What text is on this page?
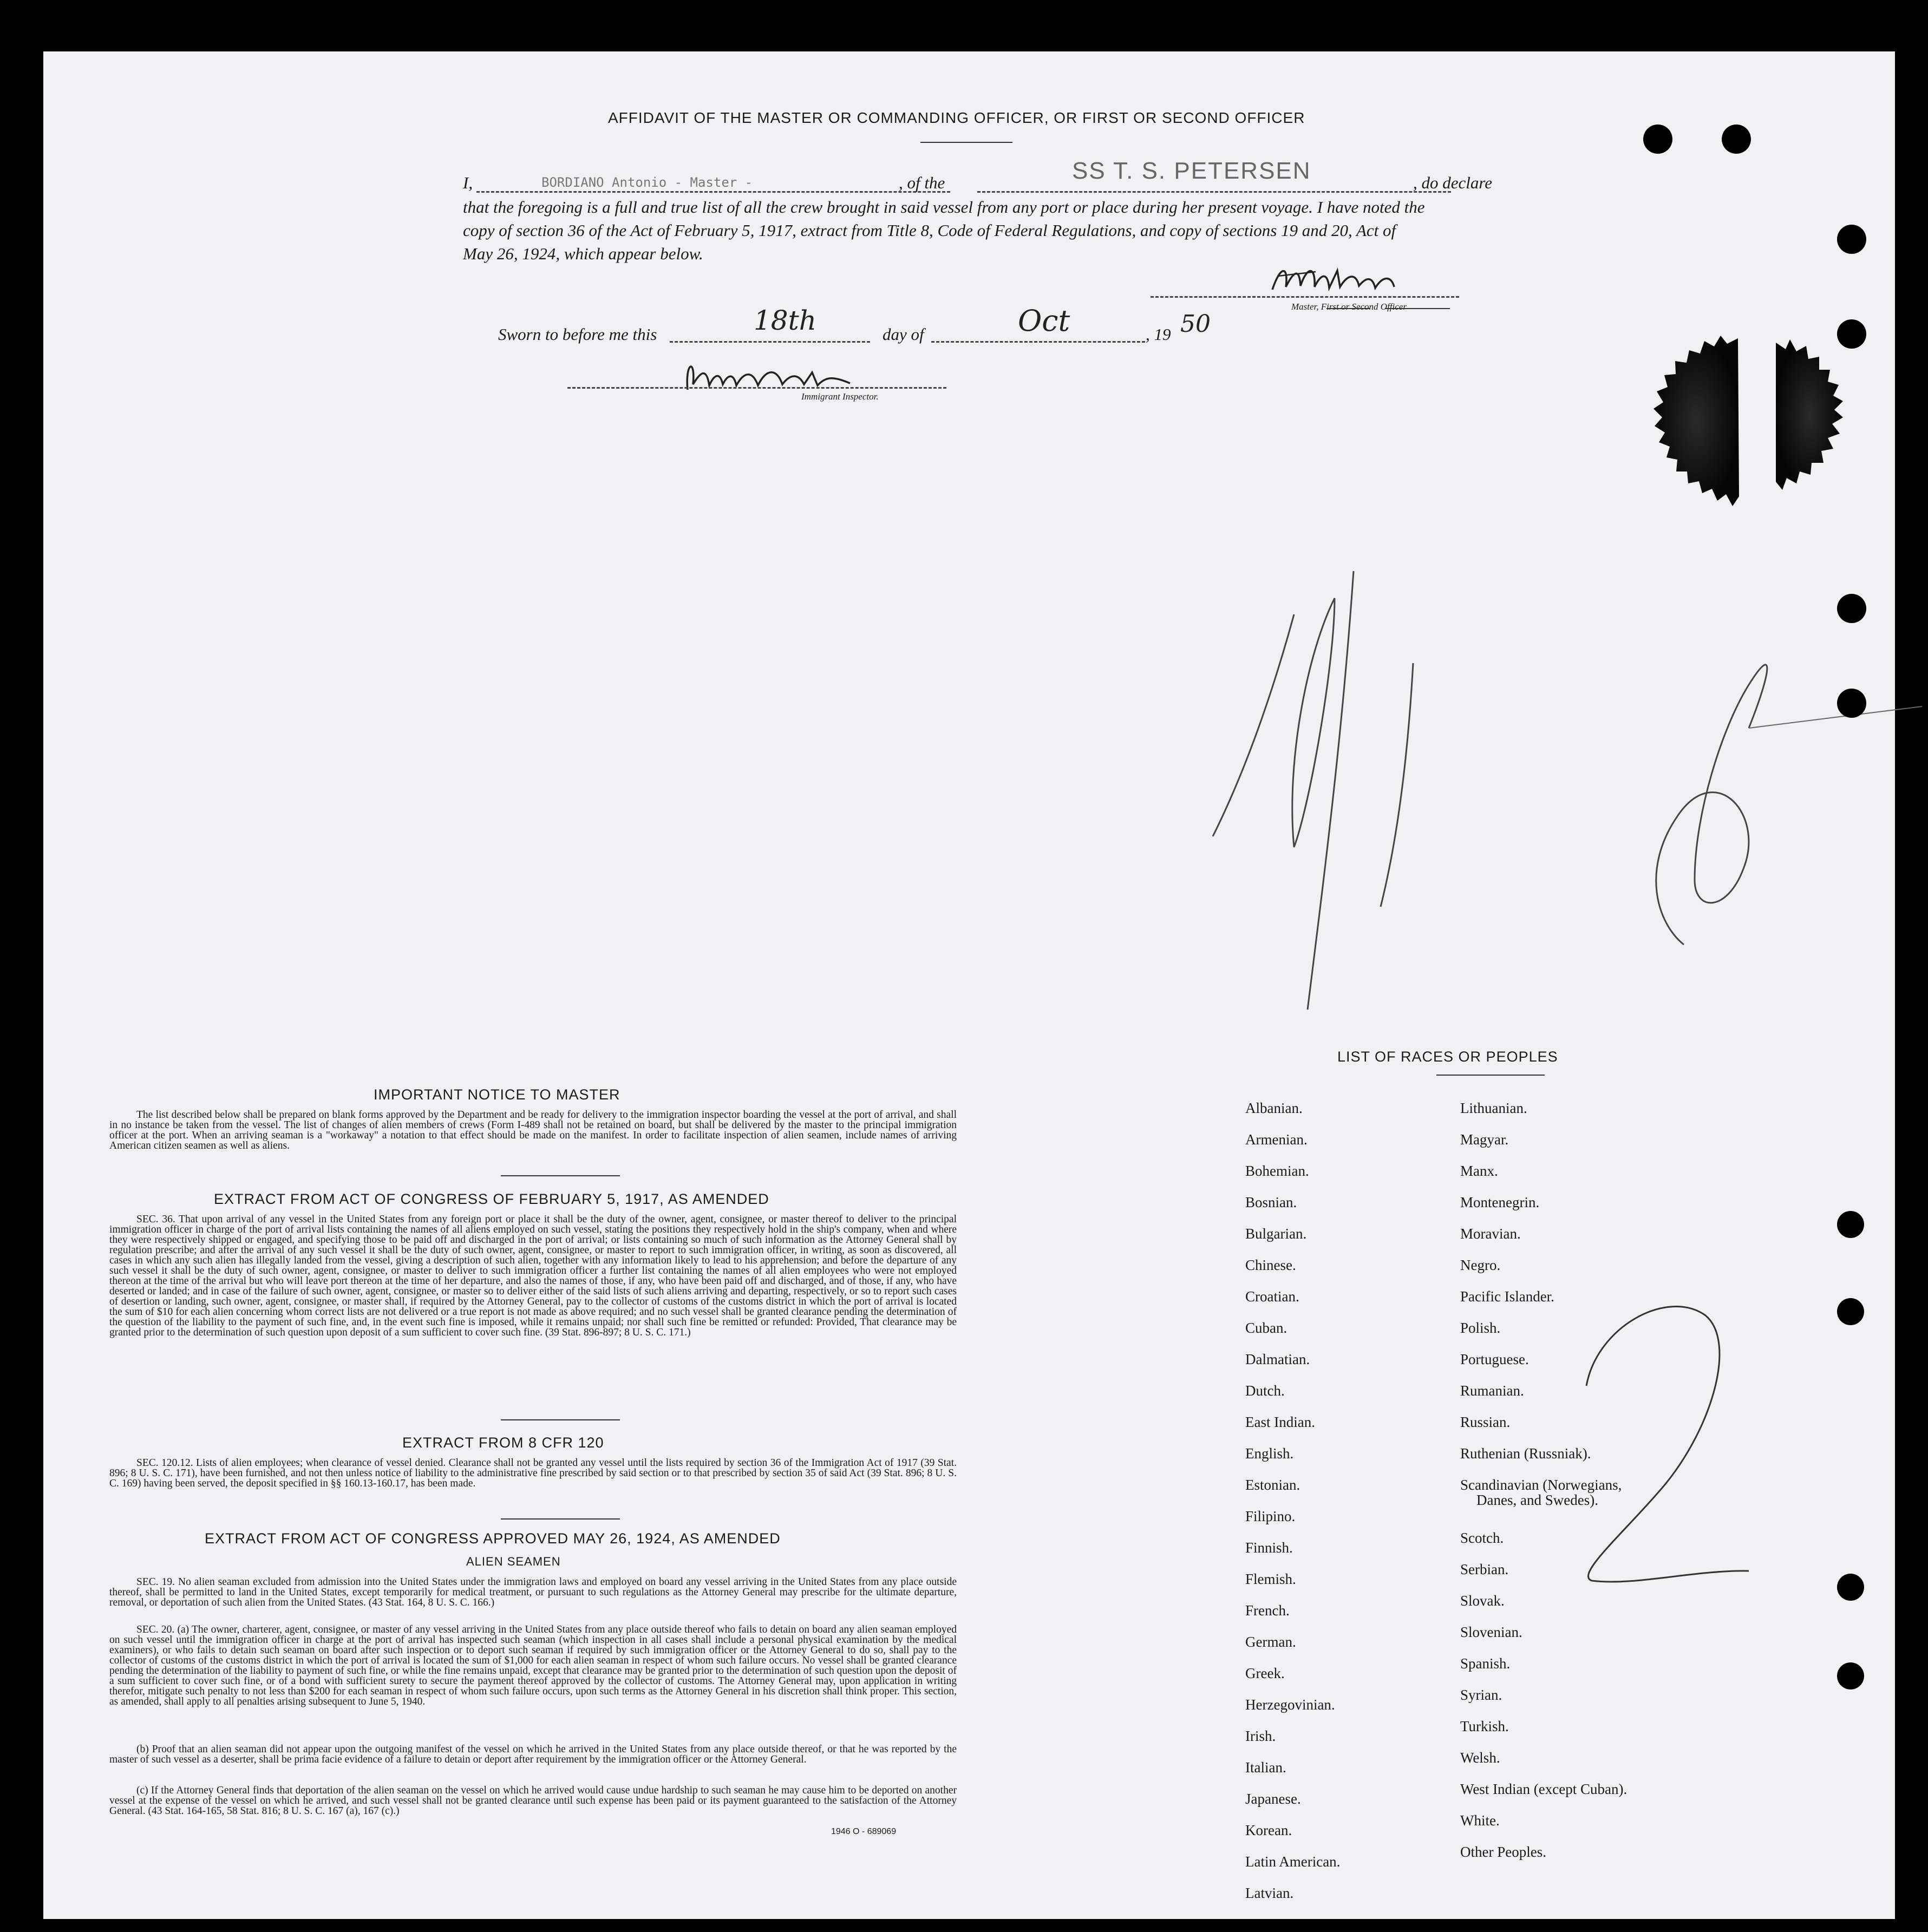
AFFIDAVIT OF THE MASTER OR COMMANDING OFFICER, OR FIRST OR SECOND OFFICER
I,	BORDIANO Antonio - Master -	, of the	SS T. S. PETERSEN	, do declare
that the foregoing is a full and true list of all the crew brought in said vessel from any port or place during her present voyage. I have noted the
copy of section 36 of the Act of February 5, 1917, extract from Title 8, Code of Federal Regulations, and copy of sections 19 and 20, Act of
May 26, 1924, which appear below.
Master, First or Second Officer
Sworn to before me this	18th	day of	Oct	, 19 50
Immigrant Inspector.
IMPORTANT NOTICE TO MASTER
The list described below shall be prepared on blank forms approved by the Department and be ready for delivery to the immigration inspector boarding the vessel at the port of arrival, and shall in no instance be taken from the vessel. The list of changes of alien members of crews (Form I-489 shall not be retained on board, but shall be delivered by the master to the principal immigration officer at the port. When an arriving seaman is a "workaway" a notation to that effect should be made on the manifest. In order to facilitate inspection of alien seamen, include names of arriving American citizen seamen as well as aliens.
EXTRACT FROM ACT OF CONGRESS OF FEBRUARY 5, 1917, AS AMENDED
SEC. 36. That upon arrival of any vessel in the United States from any foreign port or place it shall be the duty of the owner, agent, consignee, or master thereof to deliver to the principal immigration officer in charge of the port of arrival lists containing the names of all aliens employed on such vessel, stating the positions they respectively hold in the ship's company, when and where they were respectively shipped or engaged, and specifying those to be paid off and discharged in the port of arrival; or lists containing so much of such information as the Attorney General shall by regulation prescribe; and after the arrival of any such vessel it shall be the duty of such owner, agent, consignee, or master to report to such immigration officer, in writing, as soon as discovered, all cases in which any such alien has illegally landed from the vessel, giving a description of such alien, together with any information likely to lead to his apprehension; and before the departure of any such vessel it shall be the duty of such owner, agent, consignee, or master to deliver to such immigration officer a further list containing the names of all alien employees who were not employed thereon at the time of the arrival but who will leave port thereon at the time of her departure, and also the names of those, if any, who have been paid off and discharged, and of those, if any, who have deserted or landed; and in case of the failure of such owner, agent, consignee, or master so to deliver either of the said lists of such aliens arriving and departing, respectively, or so to report such cases of desertion or landing, such owner, agent, consignee, or master shall, if required by the Attorney General, pay to the collector of customs of the customs district in which the port of arrival is located the sum of $10 for each alien concerning whom correct lists are not delivered or a true report is not made as above required; and no such vessel shall be granted clearance pending the determination of the question of the liability to the payment of such fine, and, in the event such fine is imposed, while it remains unpaid; nor shall such fine be remitted or refunded: Provided, That clearance may be granted prior to the determination of such question upon deposit of a sum sufficient to cover such fine. (39 Stat. 896-897; 8 U. S. C. 171.)
EXTRACT FROM 8 CFR 120
SEC. 120.12. Lists of alien employees; when clearance of vessel denied. Clearance shall not be granted any vessel until the lists required by section 36 of the Immigration Act of 1917 (39 Stat. 896; 8 U. S. C. 171), have been furnished, and not then unless notice of liability to the administrative fine prescribed by said section or to that prescribed by section 35 of said Act (39 Stat. 896; 8 U. S. C. 169) having been served, the deposit specified in §§ 160.13-160.17, has been made.
EXTRACT FROM ACT OF CONGRESS APPROVED MAY 26, 1924, AS AMENDED
ALIEN SEAMEN
SEC. 19. No alien seaman excluded from admission into the United States under the immigration laws and employed on board any vessel arriving in the United States from any place outside thereof, shall be permitted to land in the United States, except temporarily for medical treatment, or pursuant to such regulations as the Attorney General may prescribe for the ultimate departure, removal, or deportation of such alien from the United States. (43 Stat. 164, 8 U. S. C. 166.)
SEC. 20. (a) The owner, charterer, agent, consignee, or master of any vessel arriving in the United States from any place outside thereof who fails to detain on board any alien seaman employed on such vessel until the immigration officer in charge at the port of arrival has inspected such seaman (which inspection in all cases shall include a personal physical examination by the medical examiners), or who fails to detain such seaman on board after such inspection or to deport such seaman if required by such immigration officer or the Attorney General to do so, shall pay to the collector of customs of the customs district in which the port of arrival is located the sum of $1,000 for each alien seaman in respect of whom such failure occurs. No vessel shall be granted clearance pending the determination of the liability to payment of such fine, or while the fine remains unpaid, except that clearance may be granted prior to the determination of such question upon the deposit of a sum sufficient to cover such fine, or of a bond with sufficient surety to secure the payment thereof approved by the collector of customs. The Attorney General may, upon application in writing therefor, mitigate such penalty to not less than $200 for each seaman in respect of whom such failure occurs, upon such terms as the Attorney General in his discretion shall think proper. This section, as amended, shall apply to all penalties arising subsequent to June 5, 1940.
(b) Proof that an alien seaman did not appear upon the outgoing manifest of the vessel on which he arrived in the United States from any place outside thereof, or that he was reported by the master of such vessel as a deserter, shall be prima facie evidence of a failure to detain or deport after requirement by the immigration officer or the Attorney General.
(c) If the Attorney General finds that deportation of the alien seaman on the vessel on which he arrived would cause undue hardship to such seaman he may cause him to be deported on another vessel at the expense of the vessel on which he arrived, and such vessel shall not be granted clearance until such expense has been paid or its payment guaranteed to the satisfaction of the Attorney General. (43 Stat. 164-165, 58 Stat. 816; 8 U. S. C. 167 (a), 167 (c).)
1946 O - 689069
LIST OF RACES OR PEOPLES
Albanian.
Armenian.
Bohemian.
Bosnian.
Bulgarian.
Chinese.
Croatian.
Cuban.
Dalmatian.
Dutch.
East Indian.
English.
Estonian.
Filipino.
Finnish.
Flemish.
French.
German.
Greek.
Herzegovinian.
Irish.
Italian.
Japanese.
Korean.
Latin American.
Latvian.
Lithuanian.
Magyar.
Manx.
Montenegrin.
Moravian.
Negro.
Pacific Islander.
Polish.
Portuguese.
Rumanian.
Russian.
Ruthenian (Russniak).
Scandinavian (Norwegians,
Danes, and Swedes).
Scotch.
Serbian.
Slovak.
Slovenian.
Spanish.
Syrian.
Turkish.
Welsh.
West Indian (except Cuban).
White.
Other Peoples.
